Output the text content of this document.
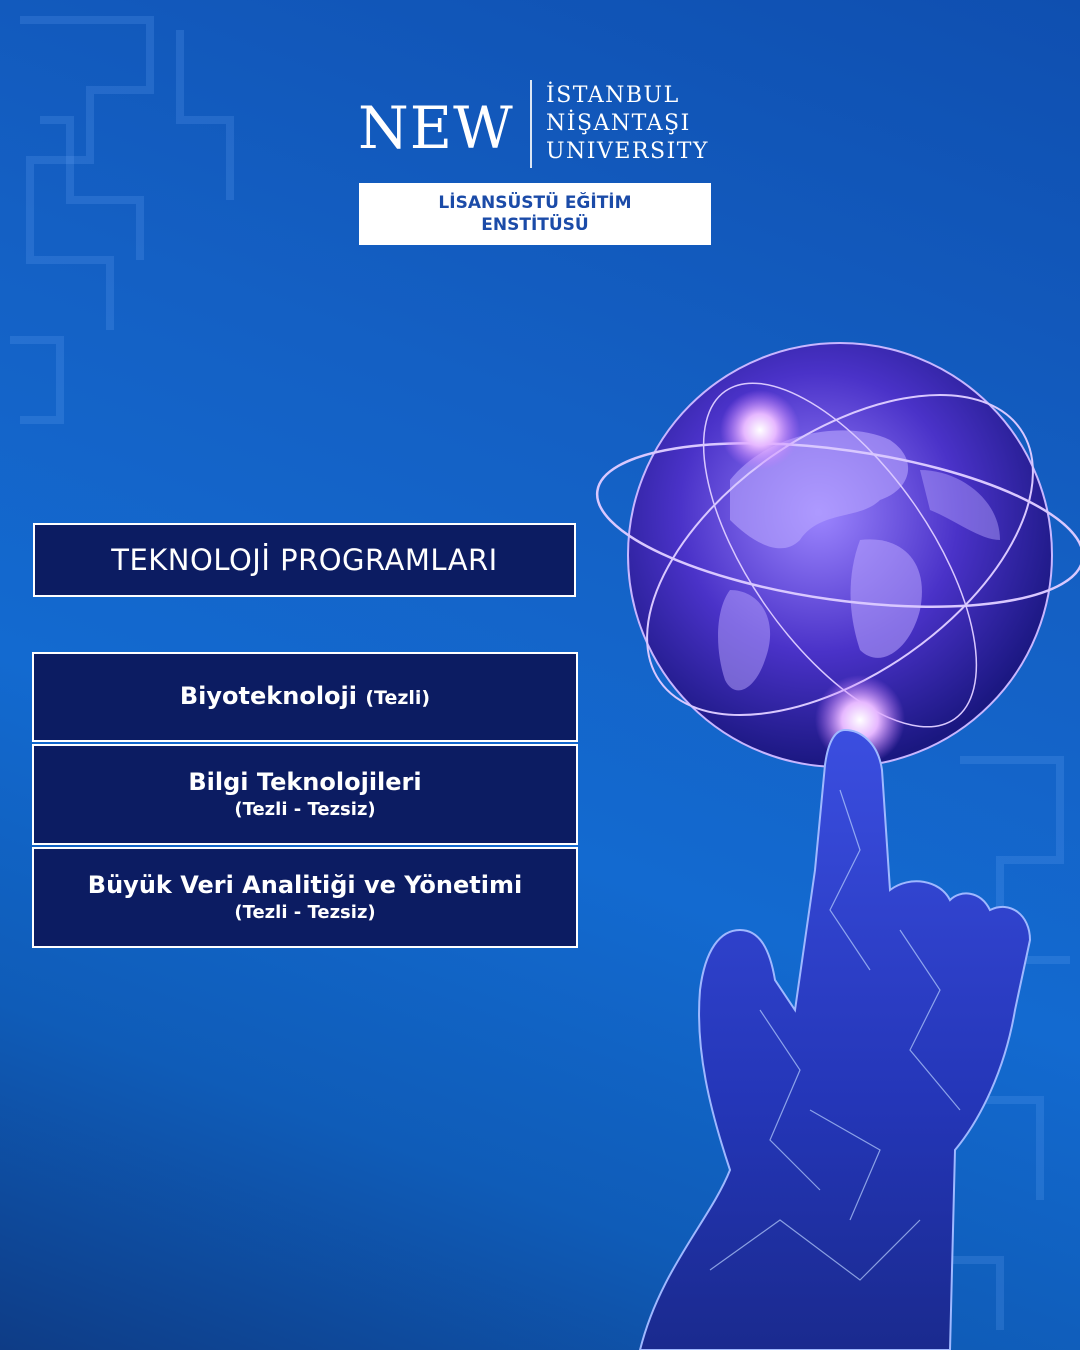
NEW İSTANBUL
NİŞANTAŞI
UNIVERSITY
LİSANSÜSTÜ EĞİTİM
ENSTİTÜSÜ
TEKNOLOJİ PROGRAMLARI
Biyoteknoloji (Tezli)
Bilgi Teknolojileri
(Tezli - Tezsiz)
Büyük Veri Analitiği ve Yönetimi
(Tezli - Tezsiz)
